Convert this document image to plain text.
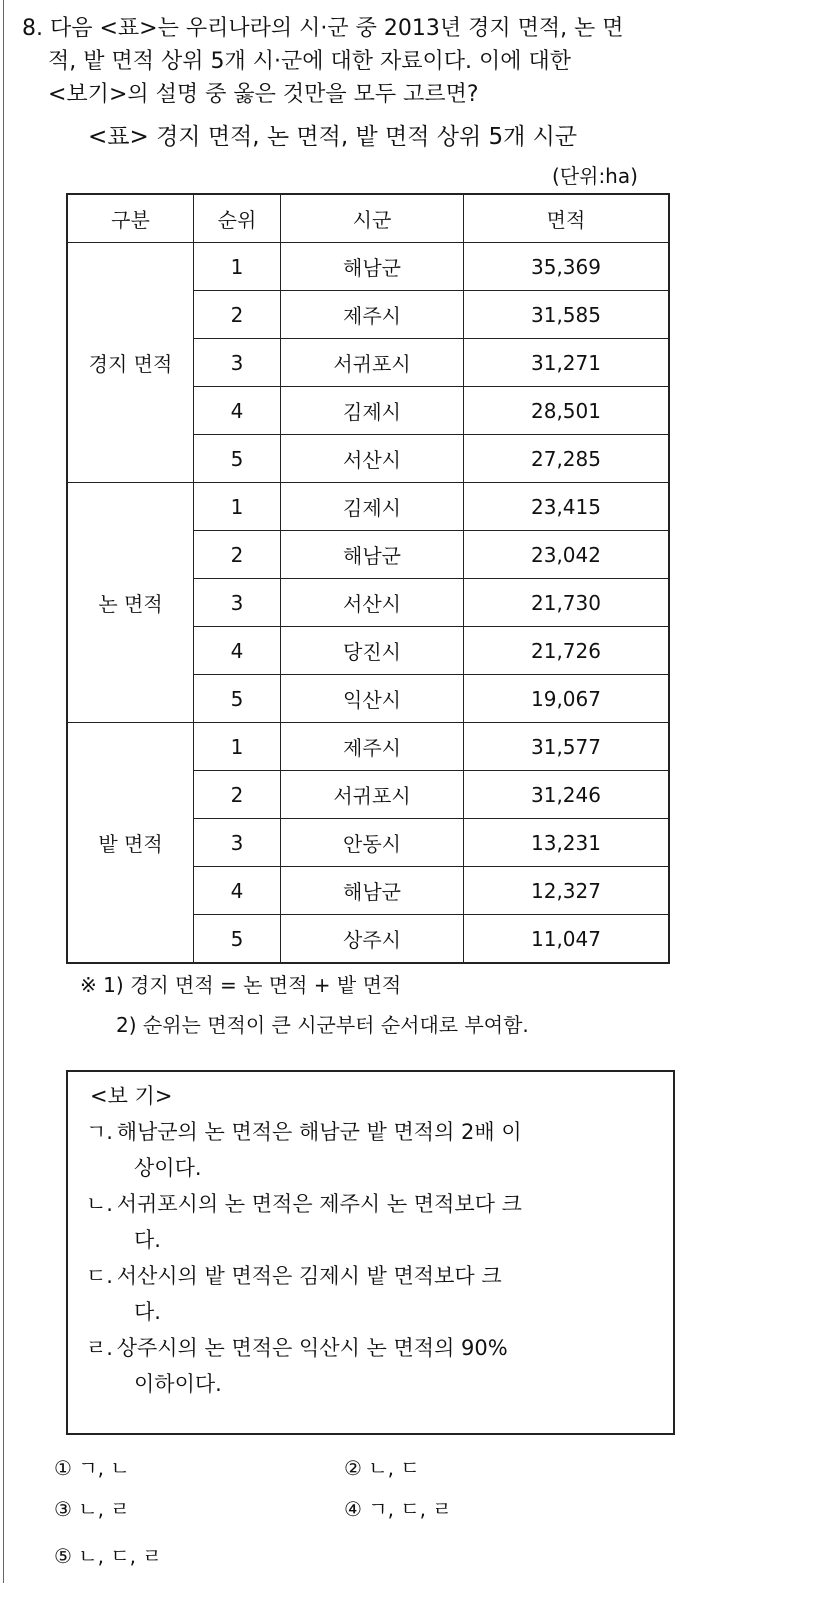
8. 다음 <표>는 우리나라의 시·군 중 2013년 경지 면적, 논 면
적, 밭 면적 상위 5개 시·군에 대한 자료이다. 이에 대한
<보기>의 설명 중 옳은 것만을 모두 고르면?
<표> 경지 면적, 논 면적, 밭 면적 상위 5개 시군
(단위:ha)
구분	순위	시군	면적
경지 면적	1	해남군	35,369
	2	제주시	31,585
	3	서귀포시	31,271
	4	김제시	28,501
	5	서산시	27,285
논 면적	1	김제시	23,415
	2	해남군	23,042
	3	서산시	21,730
	4	당진시	21,726
	5	익산시	19,067
밭 면적	1	제주시	31,577
	2	서귀포시	31,246
	3	안동시	13,231
	4	해남군	12,327
	5	상주시	11,047
※ 1) 경지 면적 = 논 면적 + 밭 면적
2) 순위는 면적이 큰 시군부터 순서대로 부여함.
<보 기>
ㄱ. 해남군의 논 면적은 해남군 밭 면적의 2배 이
상이다.
ㄴ. 서귀포시의 논 면적은 제주시 논 면적보다 크
다.
ㄷ. 서산시의 밭 면적은 김제시 밭 면적보다 크
다.
ㄹ. 상주시의 논 면적은 익산시 논 면적의 90%
이하이다.
① ㄱ, ㄴ	② ㄴ, ㄷ
③ ㄴ, ㄹ	④ ㄱ, ㄷ, ㄹ
⑤ ㄴ, ㄷ, ㄹ
